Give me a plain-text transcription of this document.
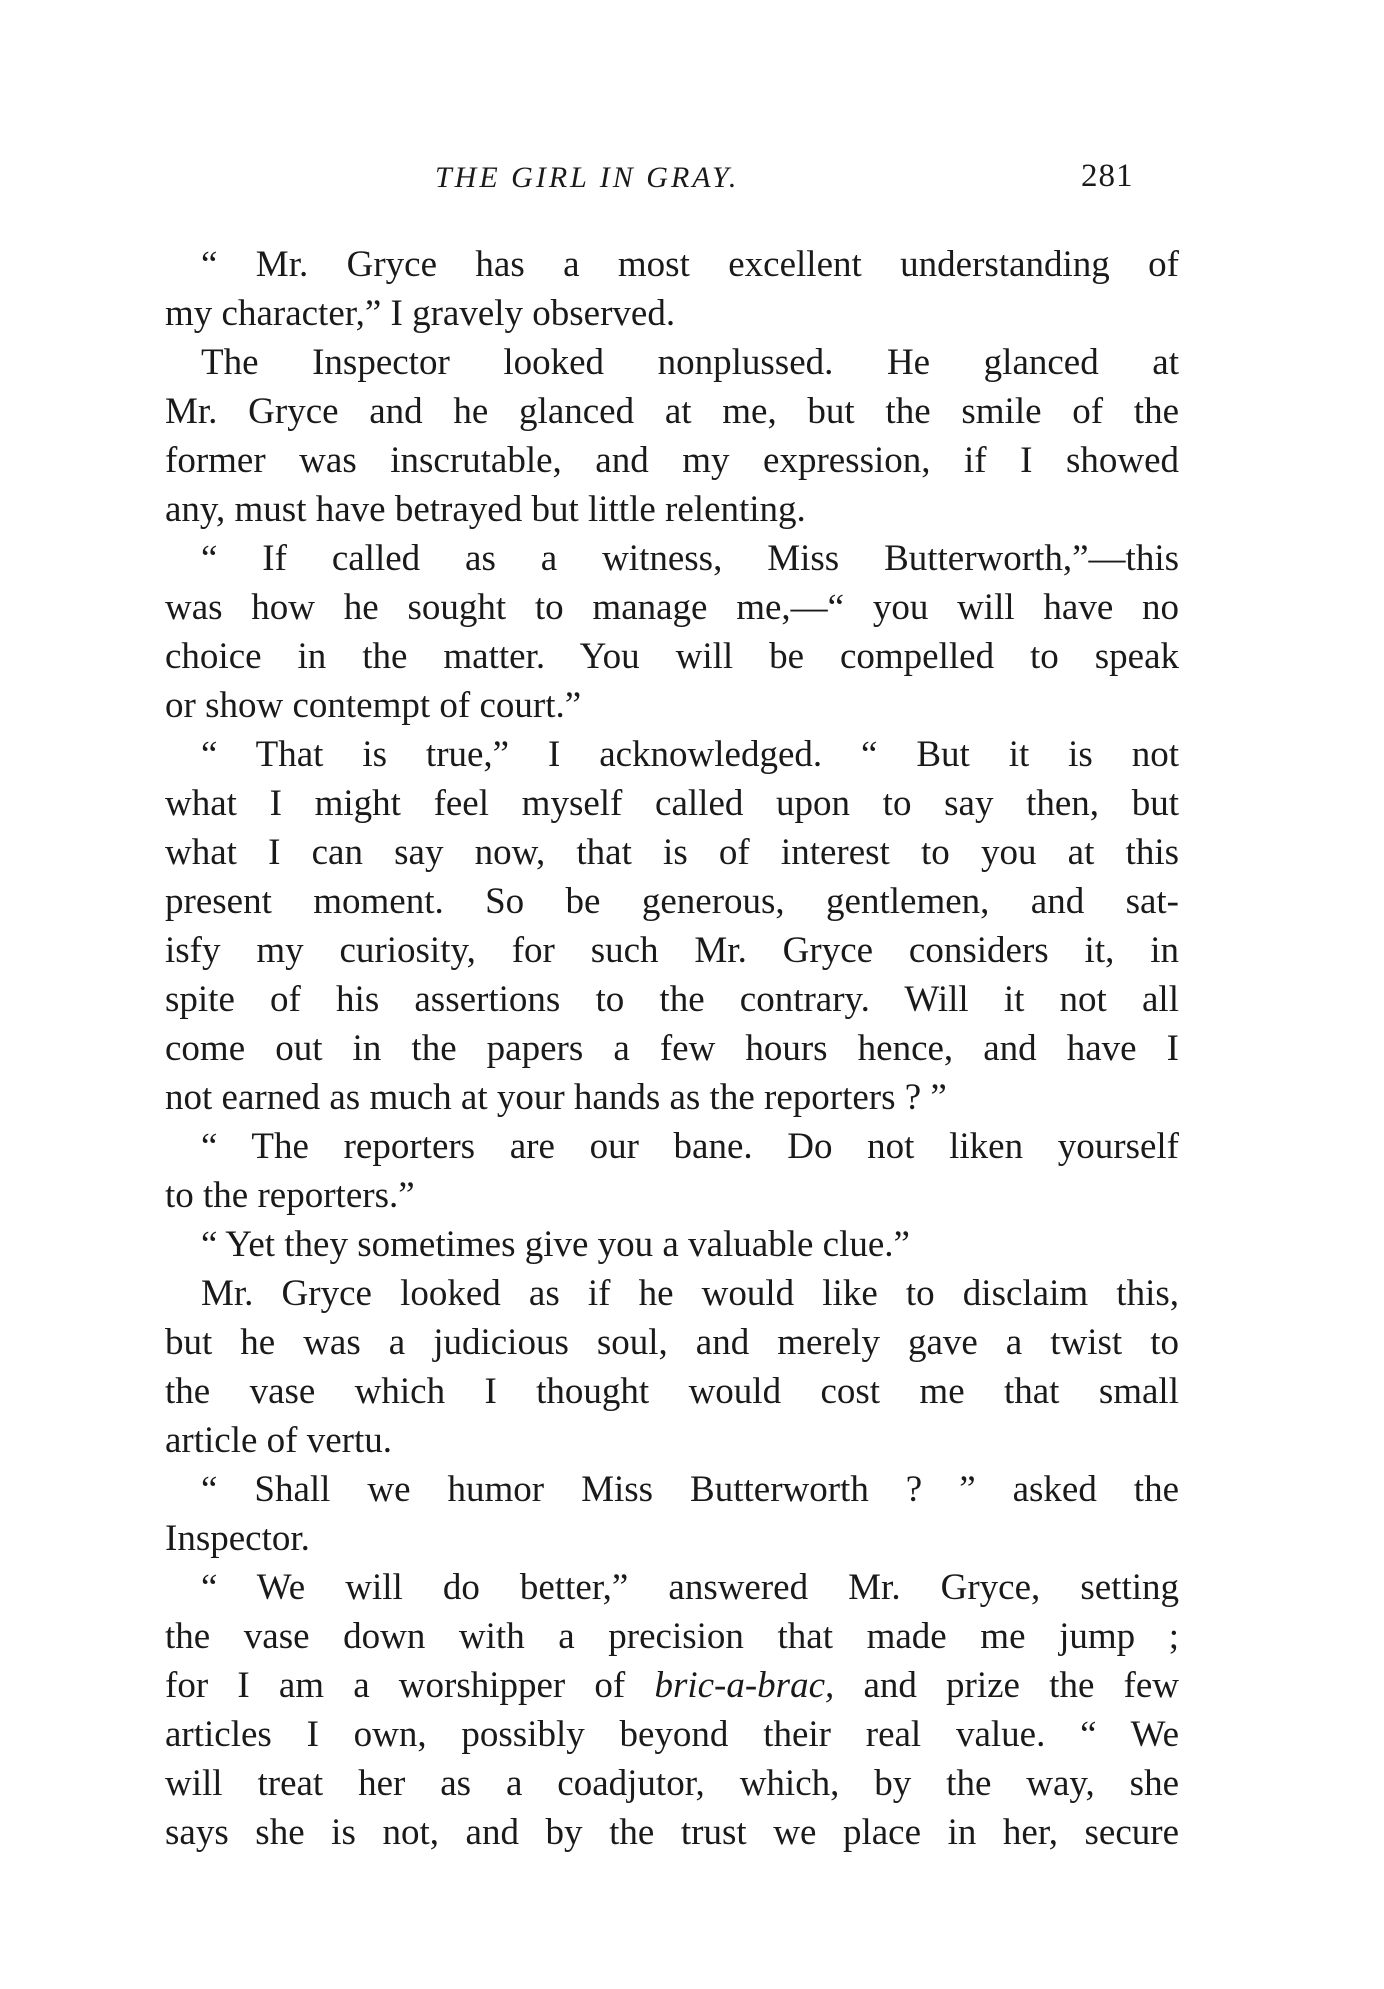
THE GIRL IN GRAY.	281
“ Mr. Gryce has a most excellent understanding of
my character,” I gravely observed.
The Inspector looked nonplussed. He glanced at
Mr. Gryce and he glanced at me, but the smile of the
former was inscrutable, and my expression, if I showed
any, must have betrayed but little relenting.
“ If called as a witness, Miss Butterworth,”—this
was how he sought to manage me,—“ you will have no
choice in the matter. You will be compelled to speak
or show contempt of court.”
“ That is true,” I acknowledged. “ But it is not
what I might feel myself called upon to say then, but
what I can say now, that is of interest to you at this
present moment. So be generous, gentlemen, and sat-
isfy my curiosity, for such Mr. Gryce considers it, in
spite of his assertions to the contrary. Will it not all
come out in the papers a few hours hence, and have I
not earned as much at your hands as the reporters ? ”
“ The reporters are our bane. Do not liken yourself
to the reporters.”
“ Yet they sometimes give you a valuable clue.”
Mr. Gryce looked as if he would like to disclaim this,
but he was a judicious soul, and merely gave a twist to
the vase which I thought would cost me that small
article of vertu.
“ Shall we humor Miss Butterworth ? ” asked the
Inspector.
“ We will do better,” answered Mr. Gryce, setting
the vase down with a precision that made me jump ;
for I am a worshipper of bric-a-brac, and prize the few
articles I own, possibly beyond their real value. “ We
will treat her as a coadjutor, which, by the way, she
says she is not, and by the trust we place in her, secure
